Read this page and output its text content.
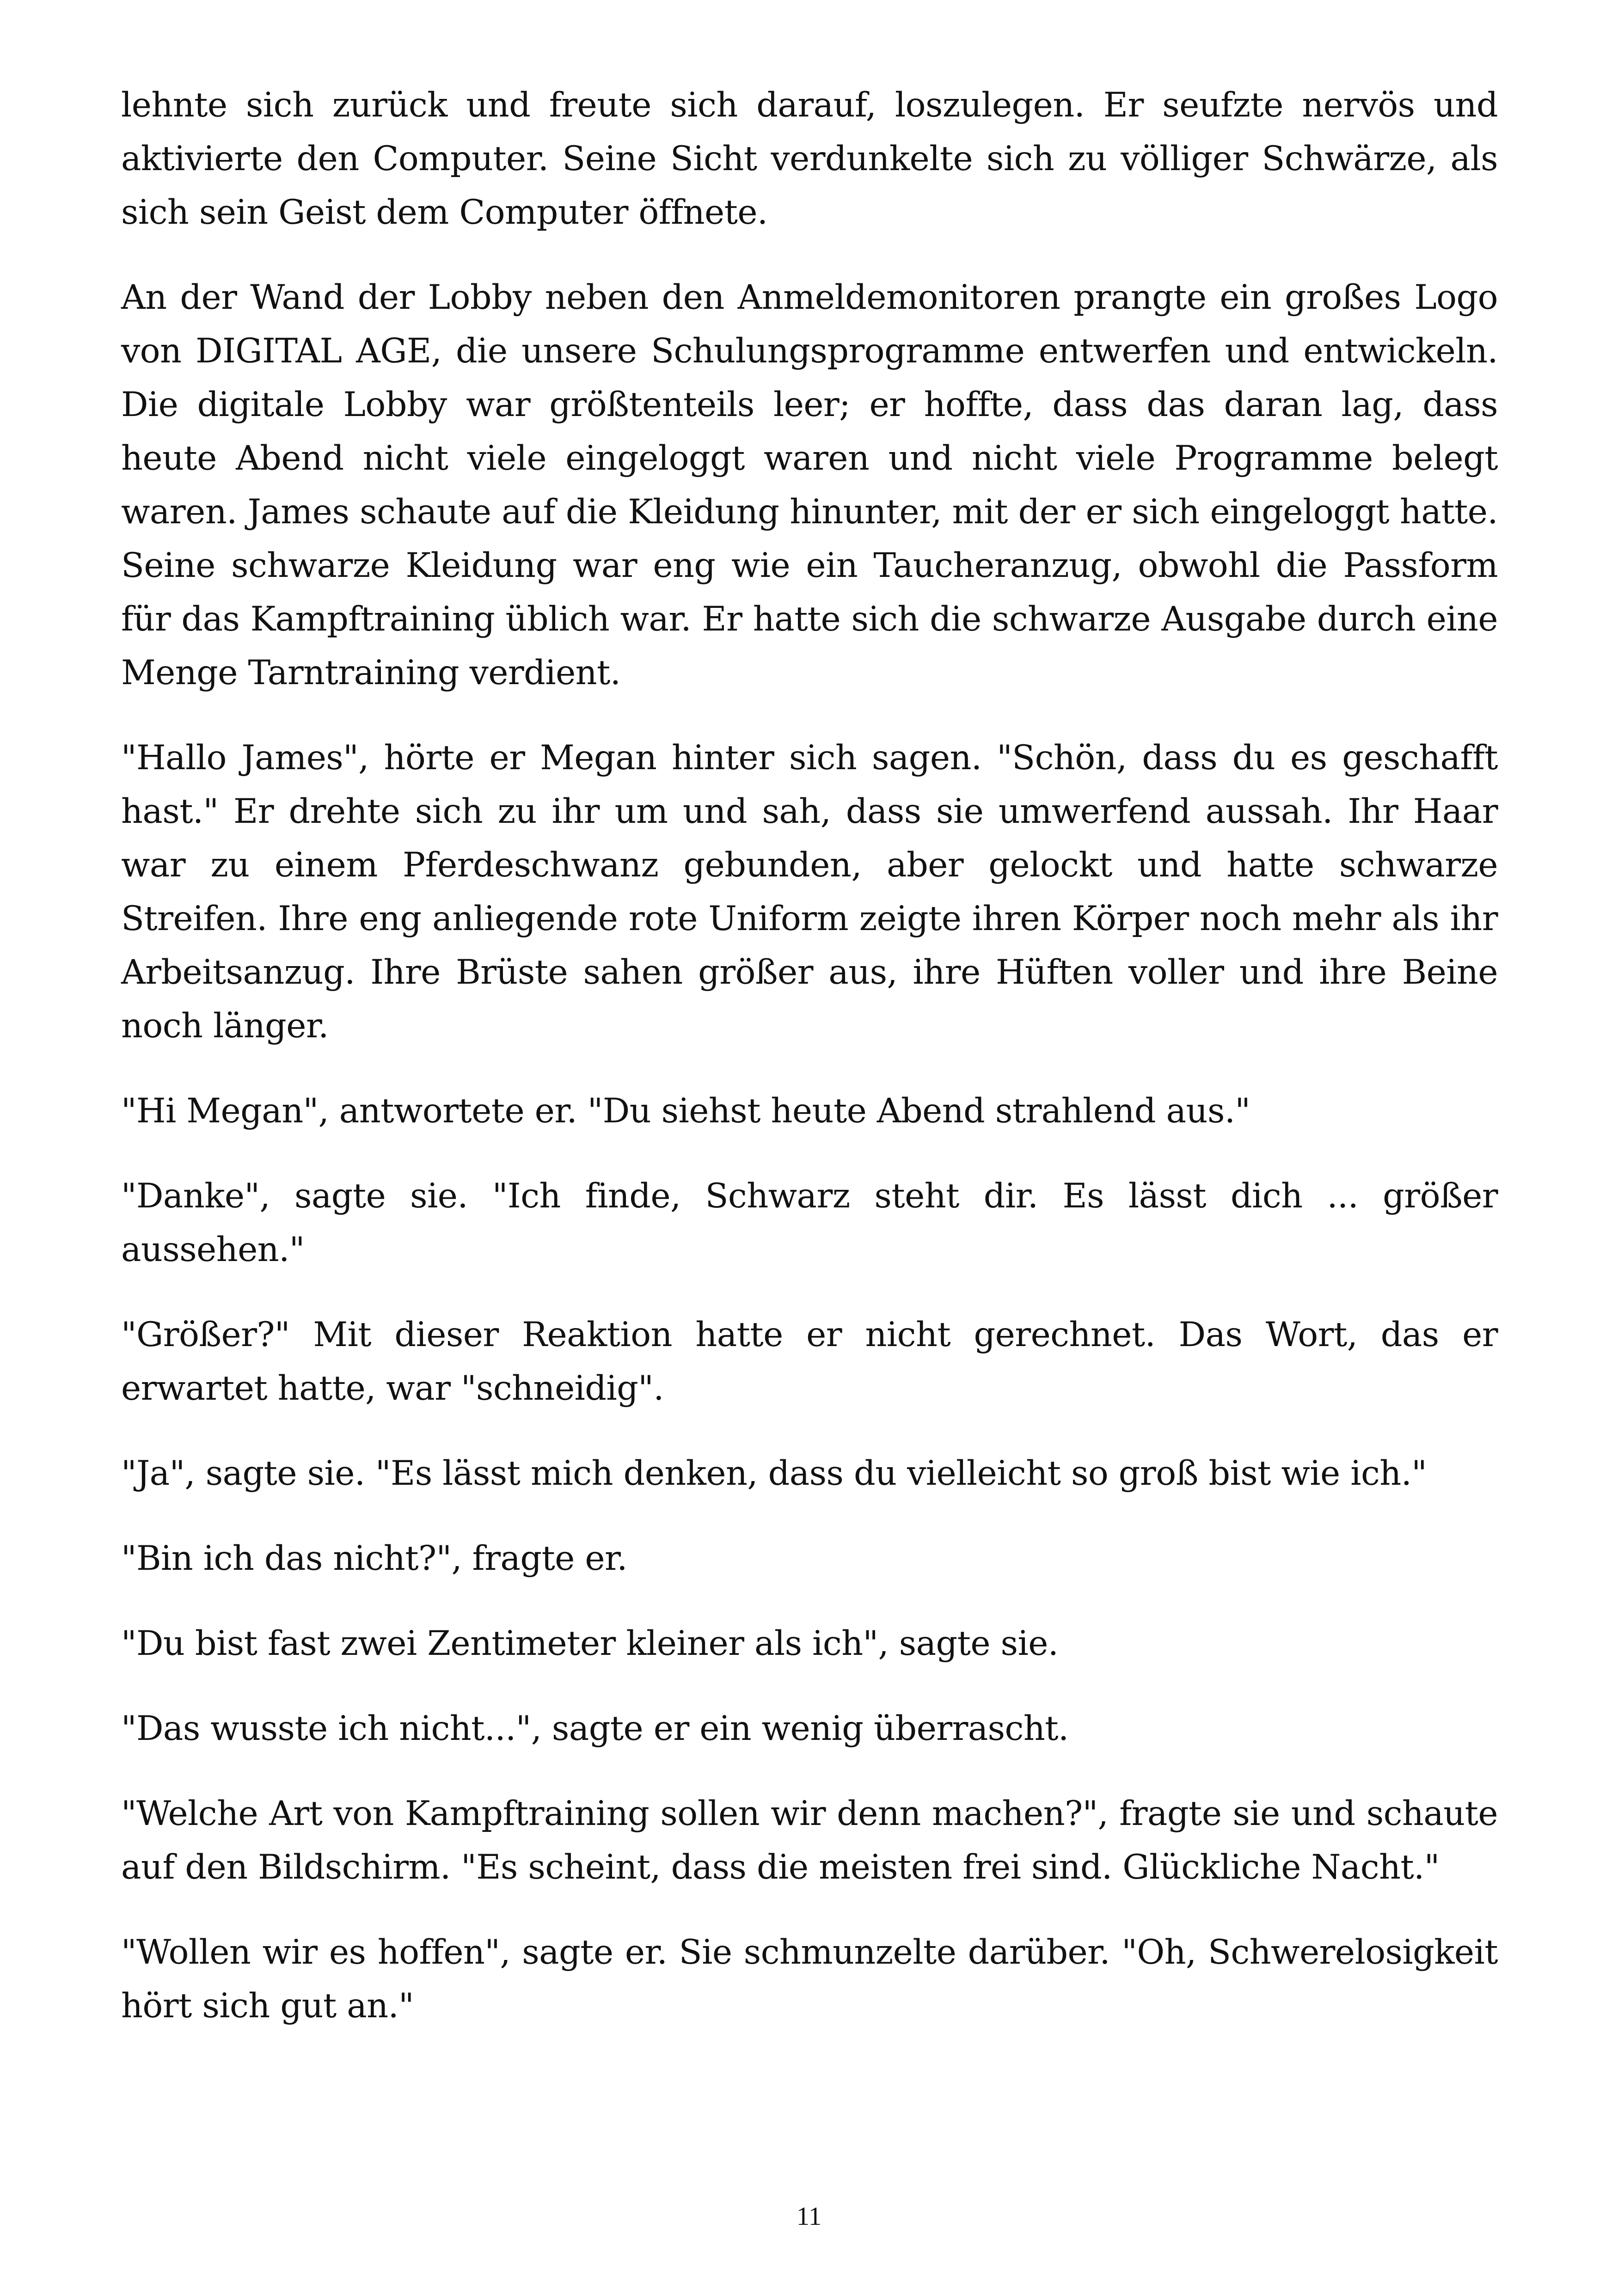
lehnte sich zurück und freute sich darauf, loszulegen. Er seufzte nervös und aktivierte den Computer. Seine Sicht verdunkelte sich zu völliger Schwärze, als sich sein Geist dem Computer öffnete.

An der Wand der Lobby neben den Anmeldemonitoren prangte ein großes Logo von DIGITAL AGE, die unsere Schulungsprogramme entwerfen und entwickeln. Die digitale Lobby war größtenteils leer; er hoffte, dass das daran lag, dass heute Abend nicht viele eingeloggt waren und nicht viele Programme belegt waren. James schaute auf die Kleidung hinunter, mit der er sich eingeloggt hatte. Seine schwarze Kleidung war eng wie ein Taucheranzug, obwohl die Passform für das Kampftraining üblich war. Er hatte sich die schwarze Ausgabe durch eine Menge Tarntraining verdient.

"Hallo James", hörte er Megan hinter sich sagen. "Schön, dass du es geschafft hast." Er drehte sich zu ihr um und sah, dass sie umwerfend aussah. Ihr Haar war zu einem Pferdeschwanz gebunden, aber gelockt und hatte schwarze Streifen. Ihre eng anliegende rote Uniform zeigte ihren Körper noch mehr als ihr Arbeitsanzug. Ihre Brüste sahen größer aus, ihre Hüften voller und ihre Beine noch länger.

"Hi Megan", antwortete er. "Du siehst heute Abend strahlend aus."

"Danke", sagte sie. "Ich finde, Schwarz steht dir. Es lässt dich ... größer aussehen."

"Größer?" Mit dieser Reaktion hatte er nicht gerechnet. Das Wort, das er erwartet hatte, war "schneidig".

"Ja", sagte sie. "Es lässt mich denken, dass du vielleicht so groß bist wie ich."

"Bin ich das nicht?", fragte er.

"Du bist fast zwei Zentimeter kleiner als ich", sagte sie.

"Das wusste ich nicht...", sagte er ein wenig überrascht.

"Welche Art von Kampftraining sollen wir denn machen?", fragte sie und schaute auf den Bildschirm. "Es scheint, dass die meisten frei sind. Glückliche Nacht."

"Wollen wir es hoffen", sagte er. Sie schmunzelte darüber. "Oh, Schwerelosigkeit hört sich gut an."

11
